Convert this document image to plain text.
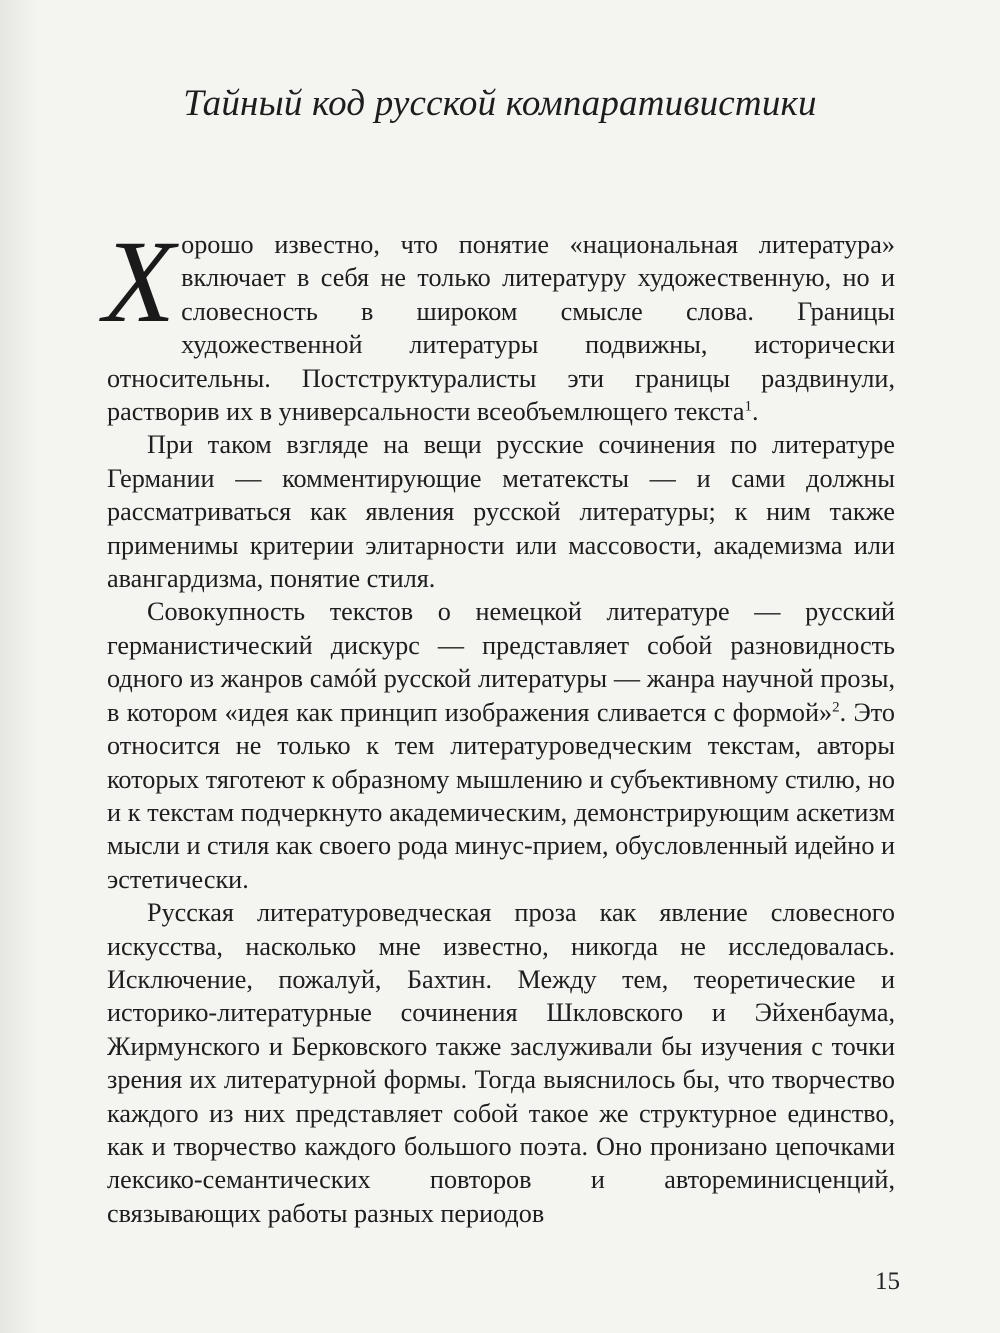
Тайный код русской компаративистики

Хорошо известно, что понятие «национальная литература» включает в себя не только литературу художественную, но и словесность в широком смысле слова. Границы художественной литературы подвижны, исторически относительны. Постструктуралисты эти границы раздвинули, растворив их в универсальности всеобъемлющего текста$^1$.

При таком взгляде на вещи русские сочинения по литературе Германии — комментирующие метатексты — и сами должны рассматриваться как явления русской литературы; к ним также применимы критерии элитарности или массовости, академизма или авангардизма, понятие стиля.

Совокупность текстов о немецкой литературе — русский германистический дискурс — представляет собой разновидность одного из жанров самóй русской литературы — жанра научной прозы, в котором «идея как принцип изображения сливается с формой»$^2$. Это относится не только к тем литературоведческим текстам, авторы которых тяготеют к образному мышлению и субъективному стилю, но и к текстам подчеркнуто академическим, демонстрирующим аскетизм мысли и стиля как своего рода минус-прием, обусловленный идейно и эстетически.

Русская литературоведческая проза как явление словесного искусства, насколько мне известно, никогда не исследовалась. Исключение, пожалуй, Бахтин. Между тем, теоретические и историко-литературные сочинения Шкловского и Эйхенбаума, Жирмунского и Берковского также заслуживали бы изучения с точки зрения их литературной формы. Тогда выяснилось бы, что творчество каждого из них представляет собой такое же структурное единство, как и творчество каждого большого поэта. Оно пронизано цепочками лексико-семантических повторов и автореминисценций, связывающих работы разных периодов

15
